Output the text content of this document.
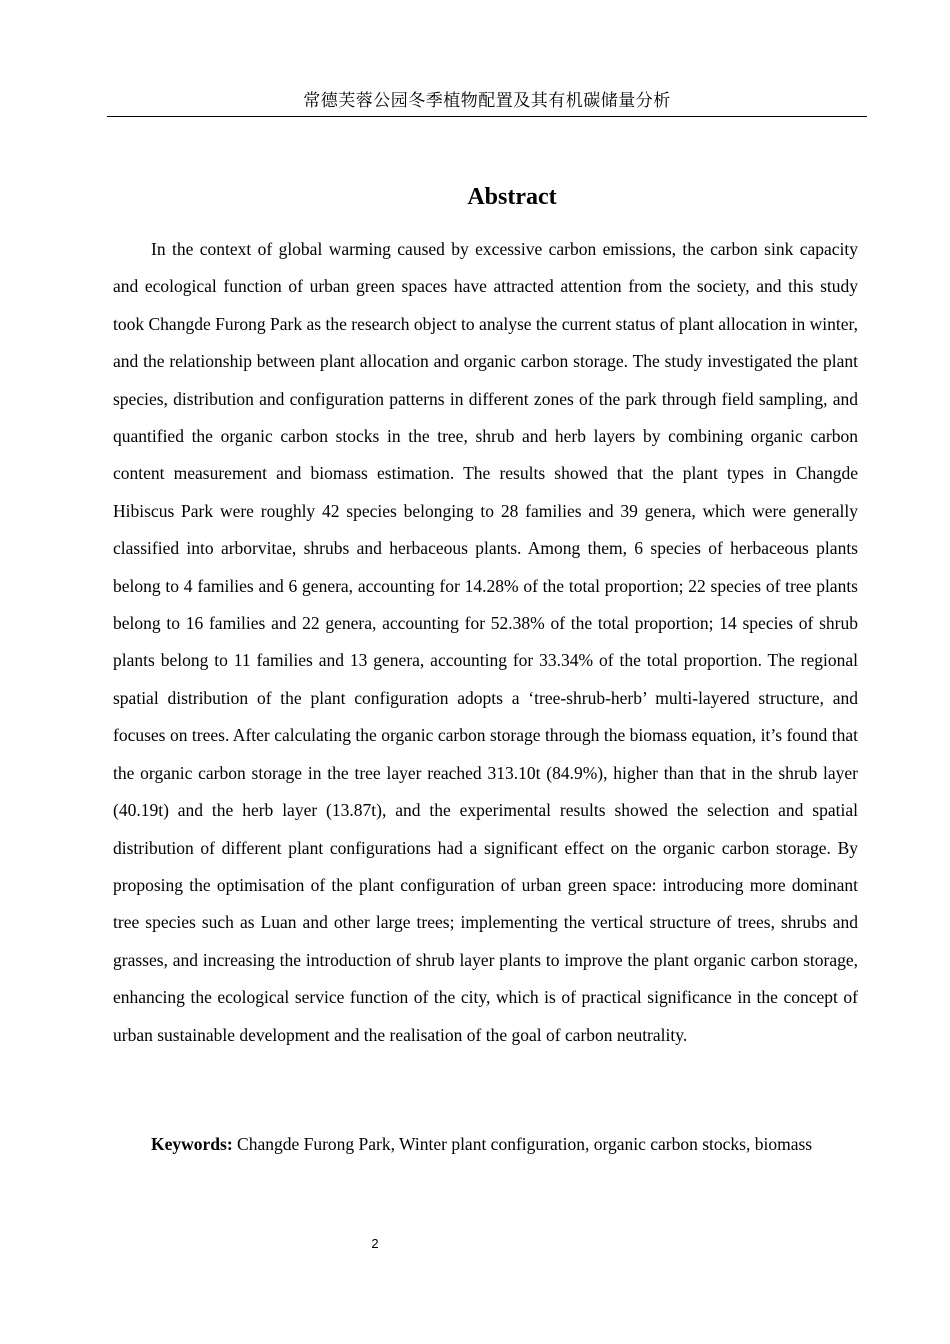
常德芙蓉公园冬季植物配置及其有机碳储量分析
Abstract

In the context of global warming caused by excessive carbon emissions, the carbon sink capacity and ecological function of urban green spaces have attracted attention from the society, and this study took Changde Furong Park as the research object to analyse the current status of plant allocation in winter, and the relationship between plant allocation and organic carbon storage. The study investigated the plant species, distribution and configuration patterns in different zones of the park through field sampling, and quantified the organic carbon stocks in the tree, shrub and herb layers by combining organic carbon content measurement and biomass estimation. The results showed that the plant types in Changde Hibiscus Park were roughly 42 species belonging to 28 families and 39 genera, which were generally classified into arborvitae, shrubs and herbaceous plants. Among them, 6 species of herbaceous plants belong to 4 families and 6 genera, accounting for 14.28% of the total proportion; 22 species of tree plants belong to 16 families and 22 genera, accounting for 52.38% of the total proportion; 14 species of shrub plants belong to 11 families and 13 genera, accounting for 33.34% of the total proportion. The regional spatial distribution of the plant configuration adopts a ‘tree-shrub-herb’ multi-layered structure, and focuses on trees. After calculating the organic carbon storage through the biomass equation, it’s found that the organic carbon storage in the tree layer reached 313.10t (84.9%), higher than that in the shrub layer (40.19t) and the herb layer (13.87t), and the experimental results showed the selection and spatial distribution of different plant configurations had a significant effect on the organic carbon storage. By proposing the optimisation of the plant configuration of urban green space: introducing more dominant tree species such as Luan and other large trees; implementing the vertical structure of trees, shrubs and grasses, and increasing the introduction of shrub layer plants to improve the plant organic carbon storage, enhancing the ecological service function of the city, which is of practical significance in the concept of urban sustainable development and the realisation of the goal of carbon neutrality.

Keywords: Changde Furong Park, Winter plant configuration, organic carbon stocks, biomass

2
